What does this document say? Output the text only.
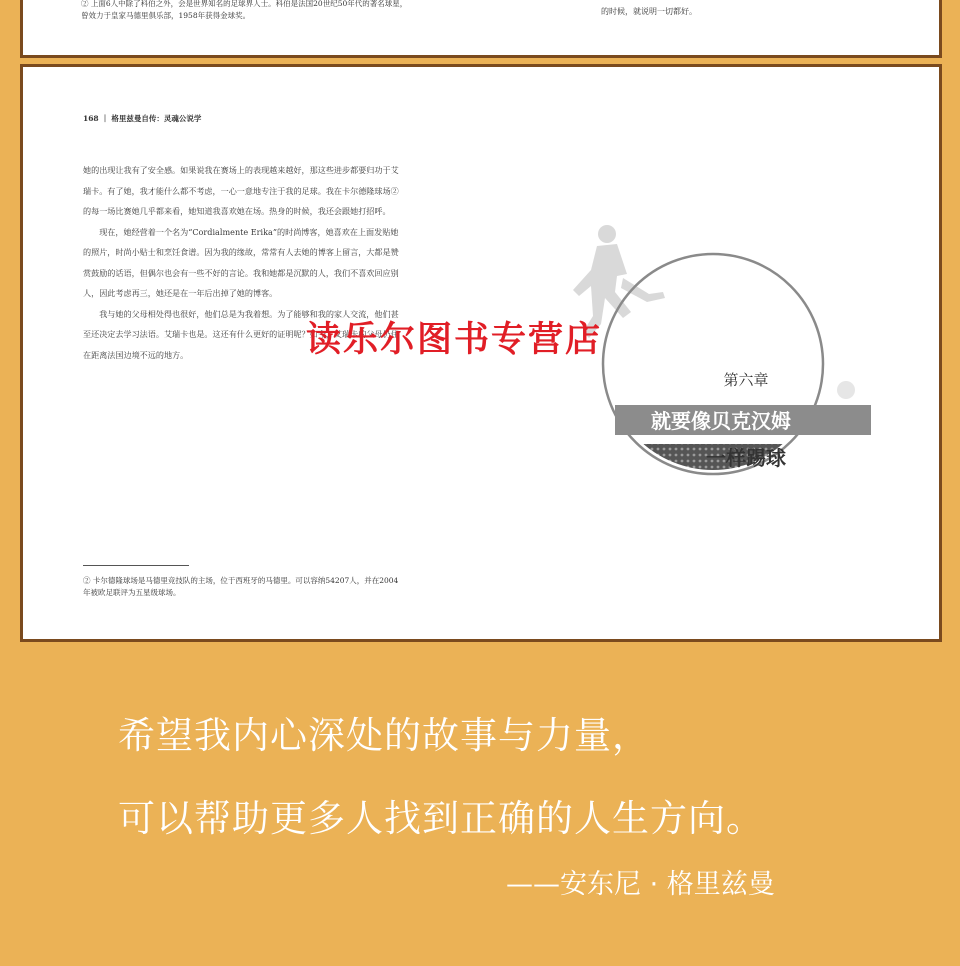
② 上面6人中除了科伯之外，会是世界知名的足球界人士。科伯是法国20世纪50年代的著名球星，曾效力于皇家马德里俱乐部，1958年获得金球奖。	的时候，就说明一切都好。
168 ｜ 格里兹曼自传：灵魂公说学

她的出现让我有了安全感。如果说我在赛场上的表现越来越好，那这些进步都要归功于艾瑞卡。有了她，我才能什么都不考虑，一心一意地专注于我的足球。我在卡尔德隆球场②的每一场比赛她几乎都来看，她知道我喜欢她在场。热身的时候，我还会跟她打招呼。

现在，她经营着一个名为“Cordialmente Erika”的时尚博客，她喜欢在上面发贴她的照片，时尚小贴士和烹饪食谱。因为我的缘故，常常有人去她的博客上留言，大都是赞赏鼓励的话语，但偶尔也会有一些不好的言论。我和她都是沉默的人，我们不喜欢回应别人，因此考虑再三，她还是在一年后出掉了她的博客。

我与她的父母相处得也很好，他们总是为我着想。为了能够和我的家人交流，他们甚至还决定去学习法语。艾瑞卡也是。这还有什么更好的证明呢？如今，艾瑞卡的父母仍住在距离法国边境不远的地方。

② 卡尔德隆球场是马德里竞技队的主场，位于西班牙的马德里。可以容纳54207人，并在2004年被欧足联评为五星级球场。
第六章
就要像贝克汉姆
一样踢球
读乐尔图书专营店
希望我内心深处的故事与力量，
可以帮助更多人找到正确的人生方向。
——安东尼 · 格里兹曼
